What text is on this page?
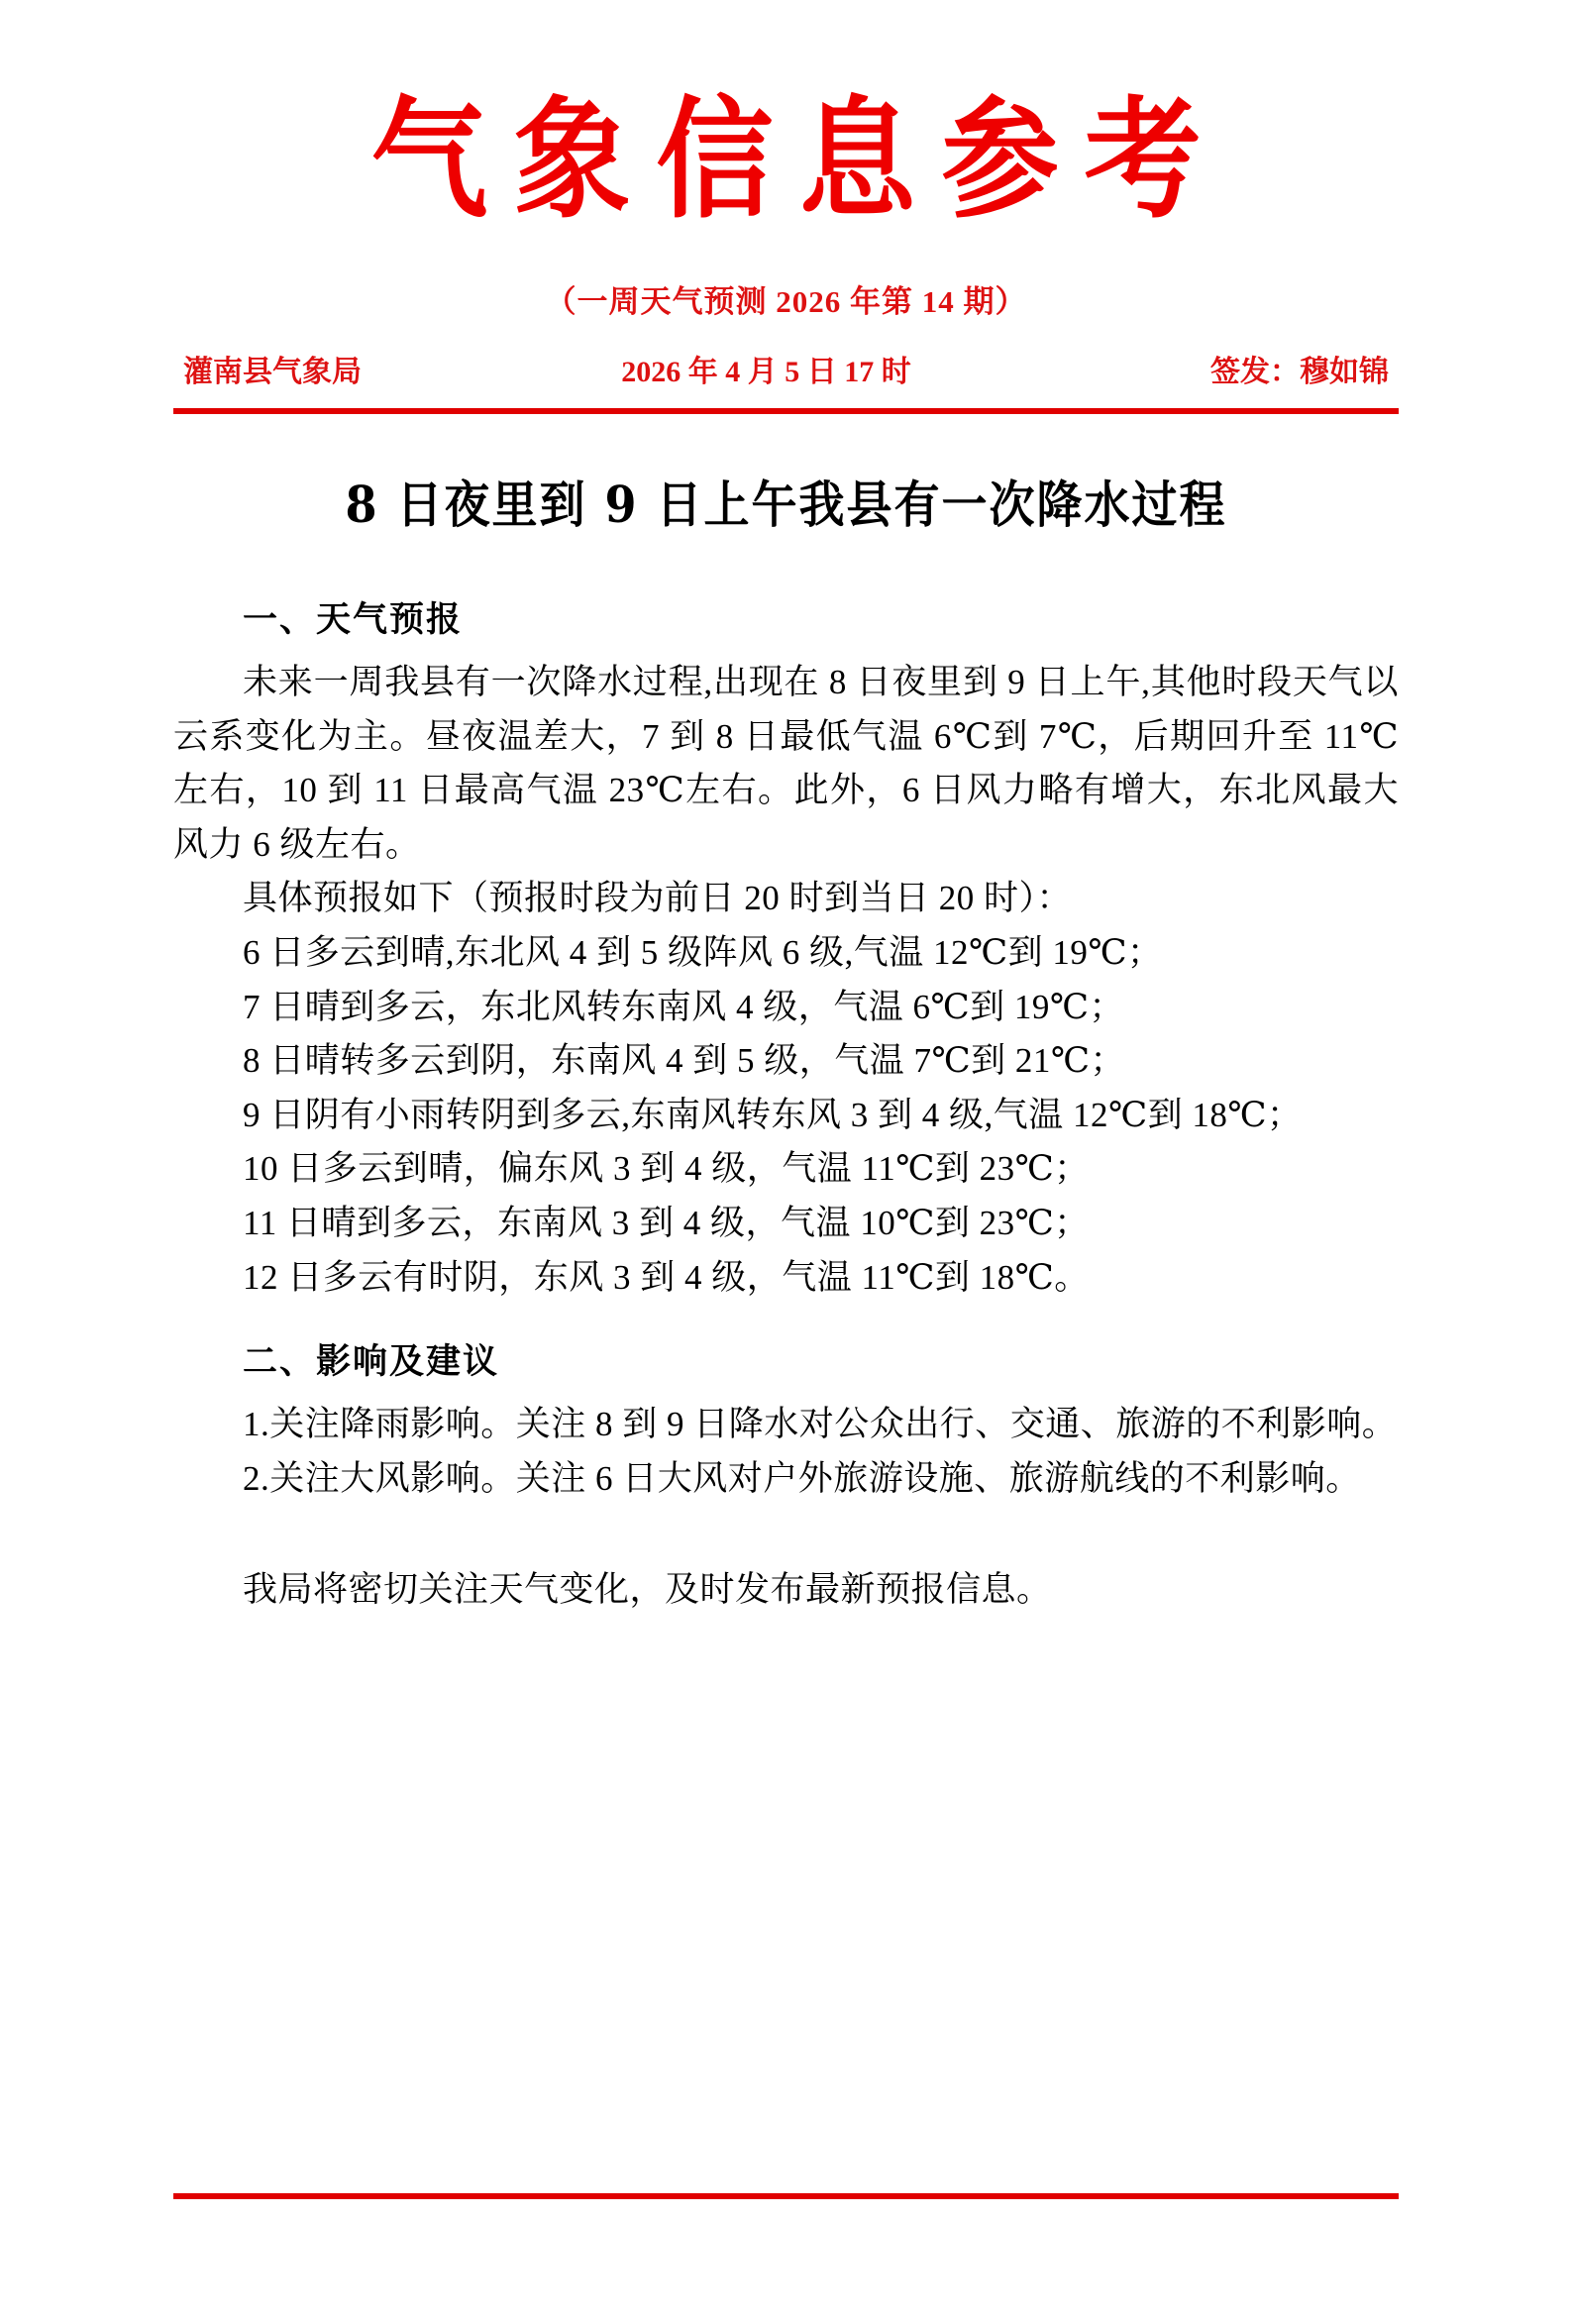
气象信息参考
（一周天气预测 2026 年第 14 期）
灌南县气象局	2026 年 4 月 5 日 17 时	签发：穆如锦
8 日夜里到 9 日上午我县有一次降水过程
一、天气预报

未来一周我县有一次降水过程,出现在 8 日夜里到 9 日上午,其他时段天气以云系变化为主。昼夜温差大，7 到 8 日最低气温 6℃到 7℃，后期回升至 11℃左右，10 到 11 日最高气温 23℃左右。此外，6 日风力略有增大，东北风最大风力 6 级左右。

具体预报如下（预报时段为前日 20 时到当日 20 时）：

6 日多云到晴,东北风 4 到 5 级阵风 6 级,气温 12℃到 19℃；

7 日晴到多云，东北风转东南风 4 级，气温 6℃到 19℃；

8 日晴转多云到阴，东南风 4 到 5 级，气温 7℃到 21℃；

9 日阴有小雨转阴到多云,东南风转东风 3 到 4 级,气温 12℃到 18℃；

10 日多云到晴，偏东风 3 到 4 级，气温 11℃到 23℃；

11 日晴到多云，东南风 3 到 4 级，气温 10℃到 23℃；

12 日多云有时阴，东风 3 到 4 级，气温 11℃到 18℃。

二、影响及建议

1.关注降雨影响。关注 8 到 9 日降水对公众出行、交通、旅游的不利影响。

2.关注大风影响。关注 6 日大风对户外旅游设施、旅游航线的不利影响。

我局将密切关注天气变化，及时发布最新预报信息。
